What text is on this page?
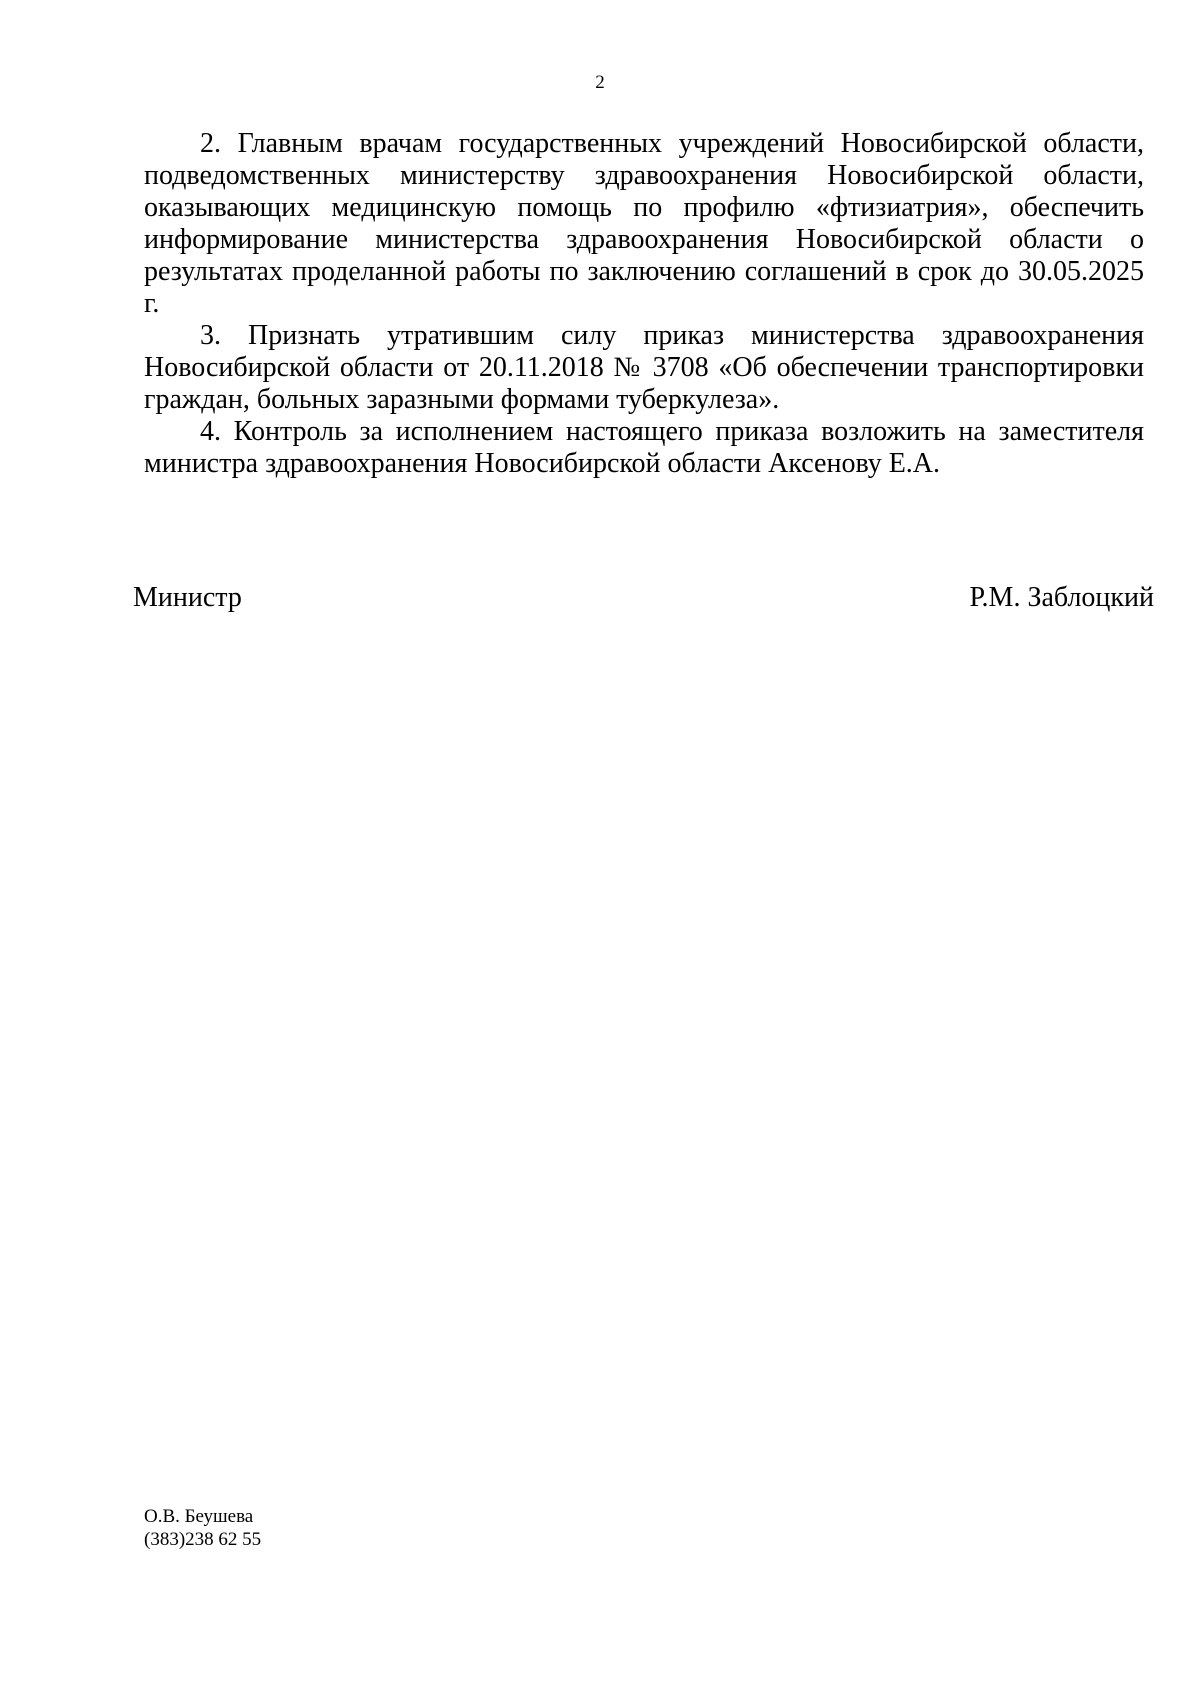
2

2. Главным врачам государственных учреждений Новосибирской области, подведомственных министерству здравоохранения Новосибирской области, оказывающих медицинскую помощь по профилю «фтизиатрия», обеспечить информирование министерства здравоохранения Новосибирской области о результатах проделанной работы по заключению соглашений в срок до 30.05.2025 г.

3. Признать утратившим силу приказ министерства здравоохранения Новосибирской области от 20.11.2018 № 3708 «Об обеспечении транспортировки граждан, больных заразными формами туберкулеза».

4. Контроль за исполнением настоящего приказа возложить на заместителя министра здравоохранения Новосибирской области Аксенову Е.А.

Министр	Р.М. Заблоцкий
О.В. Беушева
(383)238 62 55
